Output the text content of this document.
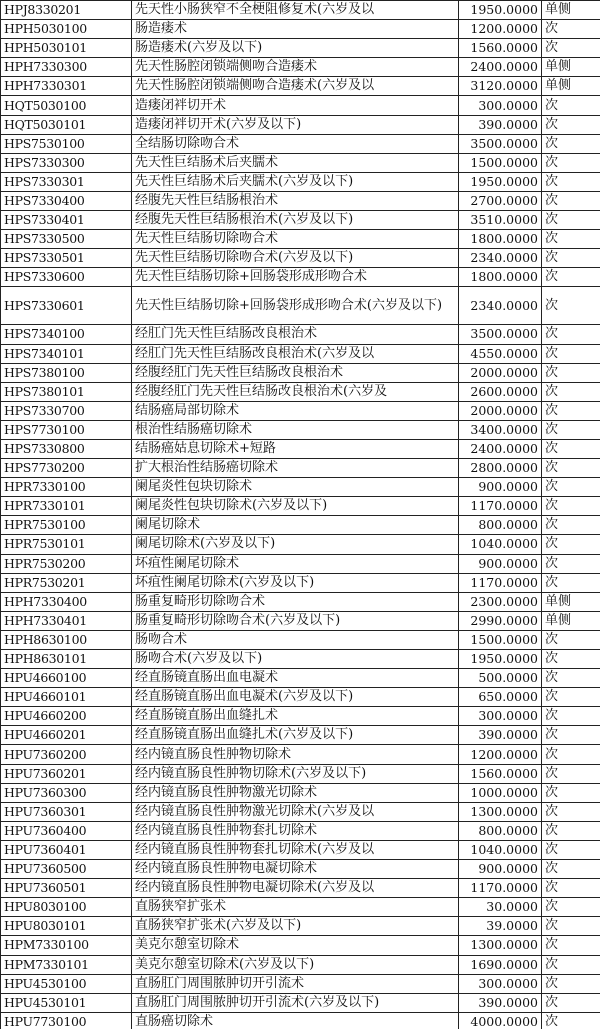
HPJ8330201	先天性小肠狭窄不全梗阻修复术(六岁及以	1950.0000	单侧
HPH5030100	肠造瘘术	1200.0000	次
HPH5030101	肠造瘘术(六岁及以下)	1560.0000	次
HPH7330300	先天性肠腔闭锁端侧吻合造瘘术	2400.0000	单侧
HPH7330301	先天性肠腔闭锁端侧吻合造瘘术(六岁及以	3120.0000	单侧
HQT5030100	造瘘闭袢切开术	300.0000	次
HQT5030101	造瘘闭袢切开术(六岁及以下)	390.0000	次
HPS7530100	全结肠切除吻合术	3500.0000	次
HPS7330300	先天性巨结肠术后夹臑术	1500.0000	次
HPS7330301	先天性巨结肠术后夹臑术(六岁及以下)	1950.0000	次
HPS7330400	经腹先天性巨结肠根治术	2700.0000	次
HPS7330401	经腹先天性巨结肠根治术(六岁及以下)	3510.0000	次
HPS7330500	先天性巨结肠切除吻合术	1800.0000	次
HPS7330501	先天性巨结肠切除吻合术(六岁及以下)	2340.0000	次
HPS7330600	先天性巨结肠切除+回肠袋形成形吻合术	1800.0000	次
HPS7330601	先天性巨结肠切除+回肠袋形成形吻合术(六岁及以下)	2340.0000	次
HPS7340100	经肛门先天性巨结肠改良根治术	3500.0000	次
HPS7340101	经肛门先天性巨结肠改良根治术(六岁及以	4550.0000	次
HPS7380100	经腹经肛门先天性巨结肠改良根治术	2000.0000	次
HPS7380101	经腹经肛门先天性巨结肠改良根治术(六岁及	2600.0000	次
HPS7330700	结肠癌局部切除术	2000.0000	次
HPS7730100	根治性结肠癌切除术	3400.0000	次
HPS7330800	结肠癌姑息切除术+短路	2400.0000	次
HPS7730200	扩大根治性结肠癌切除术	2800.0000	次
HPR7330100	阑尾炎性包块切除术	900.0000	次
HPR7330101	阑尾炎性包块切除术(六岁及以下)	1170.0000	次
HPR7530100	阑尾切除术	800.0000	次
HPR7530101	阑尾切除术(六岁及以下)	1040.0000	次
HPR7530200	坏疽性阑尾切除术	900.0000	次
HPR7530201	坏疽性阑尾切除术(六岁及以下)	1170.0000	次
HPH7330400	肠重复畸形切除吻合术	2300.0000	单侧
HPH7330401	肠重复畸形切除吻合术(六岁及以下)	2990.0000	单侧
HPH8630100	肠吻合术	1500.0000	次
HPH8630101	肠吻合术(六岁及以下)	1950.0000	次
HPU4660100	经直肠镜直肠出血电凝术	500.0000	次
HPU4660101	经直肠镜直肠出血电凝术(六岁及以下)	650.0000	次
HPU4660200	经直肠镜直肠出血缝扎术	300.0000	次
HPU4660201	经直肠镜直肠出血缝扎术(六岁及以下)	390.0000	次
HPU7360200	经内镜直肠良性肿物切除术	1200.0000	次
HPU7360201	经内镜直肠良性肿物切除术(六岁及以下)	1560.0000	次
HPU7360300	经内镜直肠良性肿物激光切除术	1000.0000	次
HPU7360301	经内镜直肠良性肿物激光切除术(六岁及以	1300.0000	次
HPU7360400	经内镜直肠良性肿物套扎切除术	800.0000	次
HPU7360401	经内镜直肠良性肿物套扎切除术(六岁及以	1040.0000	次
HPU7360500	经内镜直肠良性肿物电凝切除术	900.0000	次
HPU7360501	经内镜直肠良性肿物电凝切除术(六岁及以	1170.0000	次
HPU8030100	直肠狭窄扩张术	30.0000	次
HPU8030101	直肠狭窄扩张术(六岁及以下)	39.0000	次
HPM7330100	美克尔憩室切除术	1300.0000	次
HPM7330101	美克尔憩室切除术(六岁及以下)	1690.0000	次
HPU4530100	直肠肛门周围脓肿切开引流术	300.0000	次
HPU4530101	直肠肛门周围脓肿切开引流术(六岁及以下)	390.0000	次
HPU7730100	直肠癌切除术	4000.0000	次
